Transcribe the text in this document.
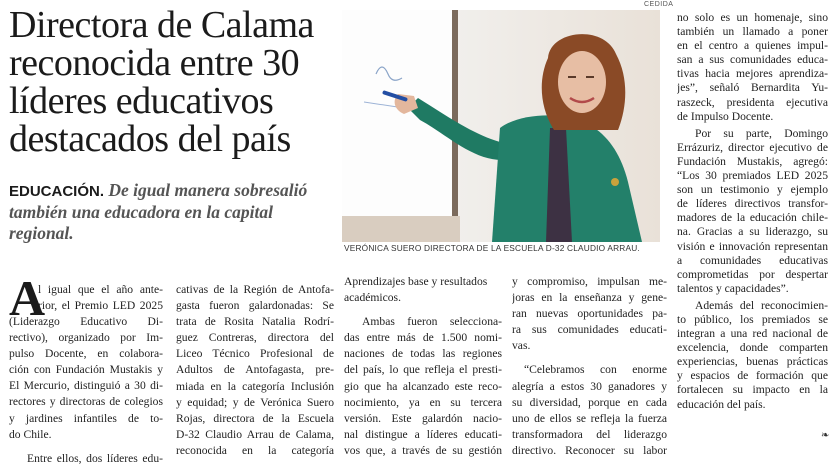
Directora de Calama
reconocida entre 30
líderes educativos
destacados del país
EDUCACIÓN. De igual manera sobresalió
también una educadora en la capital
regional.
CEDIDA
VERÓNICA SUERO DIRECTORA DE LA ESCUELA D-32 CLAUDIO ARRAU.
A
l igual que el año ante-
rior, el Premio LED 2025
(Liderazgo Educativo Di-
rectivo), organizado por Im-
pulso Docente, en colabora-
ción con Fundación Mustakis y
El Mercurio, distinguió a 30 di-
rectores y directoras de colegios
y jardines infantiles de to-
do Chile.
Entre ellos, dos líderes edu-
cativas de la Región de Antofa-
gasta fueron galardonadas: Se
trata de Rosita Natalia Rodrí-
guez Contreras, directora del
Liceo Técnico Profesional de
Adultos de Antofagasta, pre-
miada en la categoría Inclusión
y equidad; y de Verónica Suero
Rojas, directora de la Escuela
D-32 Claudio Arrau de Calama,
reconocida en la categoría
Aprendizajes base y resultados
académicos.
Ambas fueron selecciona-
das entre más de 1.500 nomi-
naciones de todas las regiones
del país, lo que refleja el presti-
gio que ha alcanzado este reco-
nocimiento, ya en su tercera
versión. Este galardón nacio-
nal distingue a líderes educati-
vos que, a través de su gestión
y compromiso, impulsan me-
joras en la enseñanza y gene-
ran nuevas oportunidades pa-
ra sus comunidades educati-
vas.
“Celebramos con enorme
alegría a estos 30 ganadores y
su diversidad, porque en cada
uno de ellos se refleja la fuerza
transformadora del liderazgo
directivo. Reconocer su labor
no solo es un homenaje, sino
también un llamado a poner
en el centro a quienes impul-
san a sus comunidades educa-
tivas hacia mejores aprendiza-
jes”, señaló Bernardita Yu-
raszeck, presidenta ejecutiva
de Impulso Docente.
Por su parte, Domingo
Errázuriz, director ejecutivo de
Fundación Mustakis, agregó:
“Los 30 premiados LED 2025
son un testimonio y ejemplo
de líderes directivos transfor-
madores de la educación chile-
na. Gracias a su liderazgo, su
visión e innovación representan
a comunidades educativas
comprometidas por despertar
talentos y capacidades”.
Además del reconocimien-
to público, los premiados se
integran a una red nacional de
excelencia, donde comparten
experiencias, buenas prácticas
y espacios de formación que
fortalecen su impacto en la
educación del país.
❧
